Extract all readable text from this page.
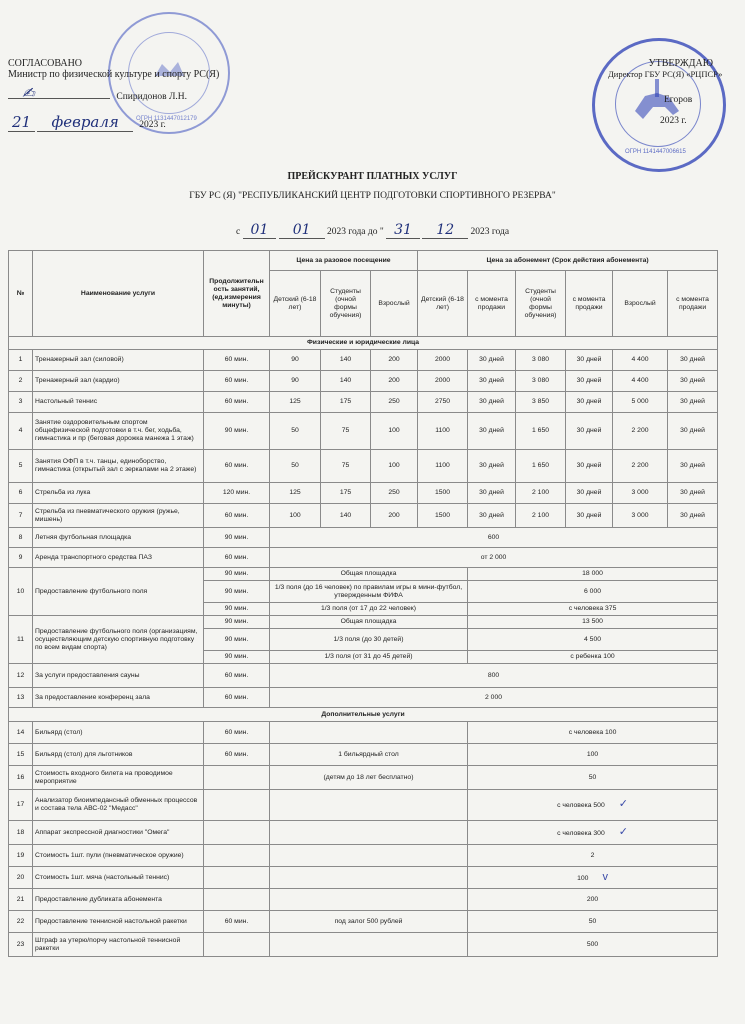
ОГРН 1131447012179
ОГРН 1141447006615
СОГЛАСОВАНО
Министр по физической культуре и спорту РС(Я)
✍︎	Спиридонов Л.Н.
21 февраля 2023 г.
УТВЕРЖДАЮ
Директор ГБУ РС(Я) «РЦПСР»
Егоров
2023 г.
ПРЕЙСКУРАНТ ПЛАТНЫХ УСЛУГ
ГБУ РС (Я) "РЕСПУБЛИКАНСКИЙ ЦЕНТР ПОДГОТОВКИ СПОРТИВНОГО РЕЗЕРВА"
с 01 01 2023 года до " 31 12 2023 года
№	Наименование услуги	Продолжительн ость занятий, (ед.измерения минуты)	Цена за разовое посещение			Цена за абонемент (Срок действия абонемента)					
			Детский (6-18 лет)	Студенты (очной формы обучения)	Взрослый	Детский (6-18 лет)	с момента продажи	Студенты (очной формы обучения)	с момента продажи	Взрослый	с момента продажи
Физические и юридические лица											
1	Тренажерный зал (силовой)	60 мин.	90	140	200	2000	30 дней	3 080	30 дней	4 400	30 дней
2	Тренажерный зал (кардио)	60 мин.	90	140	200	2000	30 дней	3 080	30 дней	4 400	30 дней
3	Настольный теннис	60 мин.	125	175	250	2750	30 дней	3 850	30 дней	5 000	30 дней
4	Занятие оздоровительным спортом общефизической подготовки в т.ч. бег, ходьба, гимнастика и пр (беговая дорожка манежа 1 этаж)	90 мин.	50	75	100	1100	30 дней	1 650	30 дней	2 200	30 дней
5	Занятия ОФП в т.ч. танцы, единоборство, гимнастика (открытый зал с зеркалами на 2 этаже)	60 мин.	50	75	100	1100	30 дней	1 650	30 дней	2 200	30 дней
6	Стрельба из лука	120 мин.	125	175	250	1500	30 дней	2 100	30 дней	3 000	30 дней
7	Стрельба из пневматического оружия (ружье, мишень)	60 мин.	100	140	200	1500	30 дней	2 100	30 дней	3 000	30 дней
8	Летняя футбольная площадка	90 мин.	600								
9	Аренда транспортного средства ПАЗ	60 мин.	от 2 000								
10	Предоставление футбольного поля	90 мин.	Общая площадка				18 000				
		90 мин.	1/3 поля (до 16 человек) по правилам игры в мини-футбол, утвержденным ФИФА				6 000				
		90 мин.	1/3 поля (от 17 до 22 человек)				с человека 375				
11	Предоставление футбольного поля (организациям, осуществляющим детскую спортивную подготовку по всем видам спорта)	90 мин.	Общая площадка				13 500				
		90 мин.	1/3 поля (до 30 детей)				4 500				
		90 мин.	1/3 поля (от 31 до 45 детей)				с ребенка 100				
12	За услуги предоставления сауны	60 мин.	800								
13	За предоставление конференц зала	60 мин.	2 000								
Дополнительные услуги											
14	Бильярд (стол)	60 мин.					с человека 100				
15	Бильярд (стол) для льготников	60 мин.	1 бильярдный стол				100				
16	Стоимость входного билета на проводимое мероприятие		(детям до 18 лет бесплатно)				50				
17	Анализатор биоимпедансный обменных процессов и состава тела АВС-02 "Медасс"						с человека 500 ✓				
18	Аппарат экспрессной диагностики "Омега"						с человека 300 ✓				
19	Стоимость 1шт. пули (пневматическое оружие)						2				
20	Стоимость 1шт. мяча (настольный теннис)						100 v				
21	Предоставление дубликата абонемента						200				
22	Предоставление теннисной настольной ракетки	60 мин.	под залог 500 рублей				50				
23	Штраф за утерю/порчу настольной теннисной ракетки						500				
